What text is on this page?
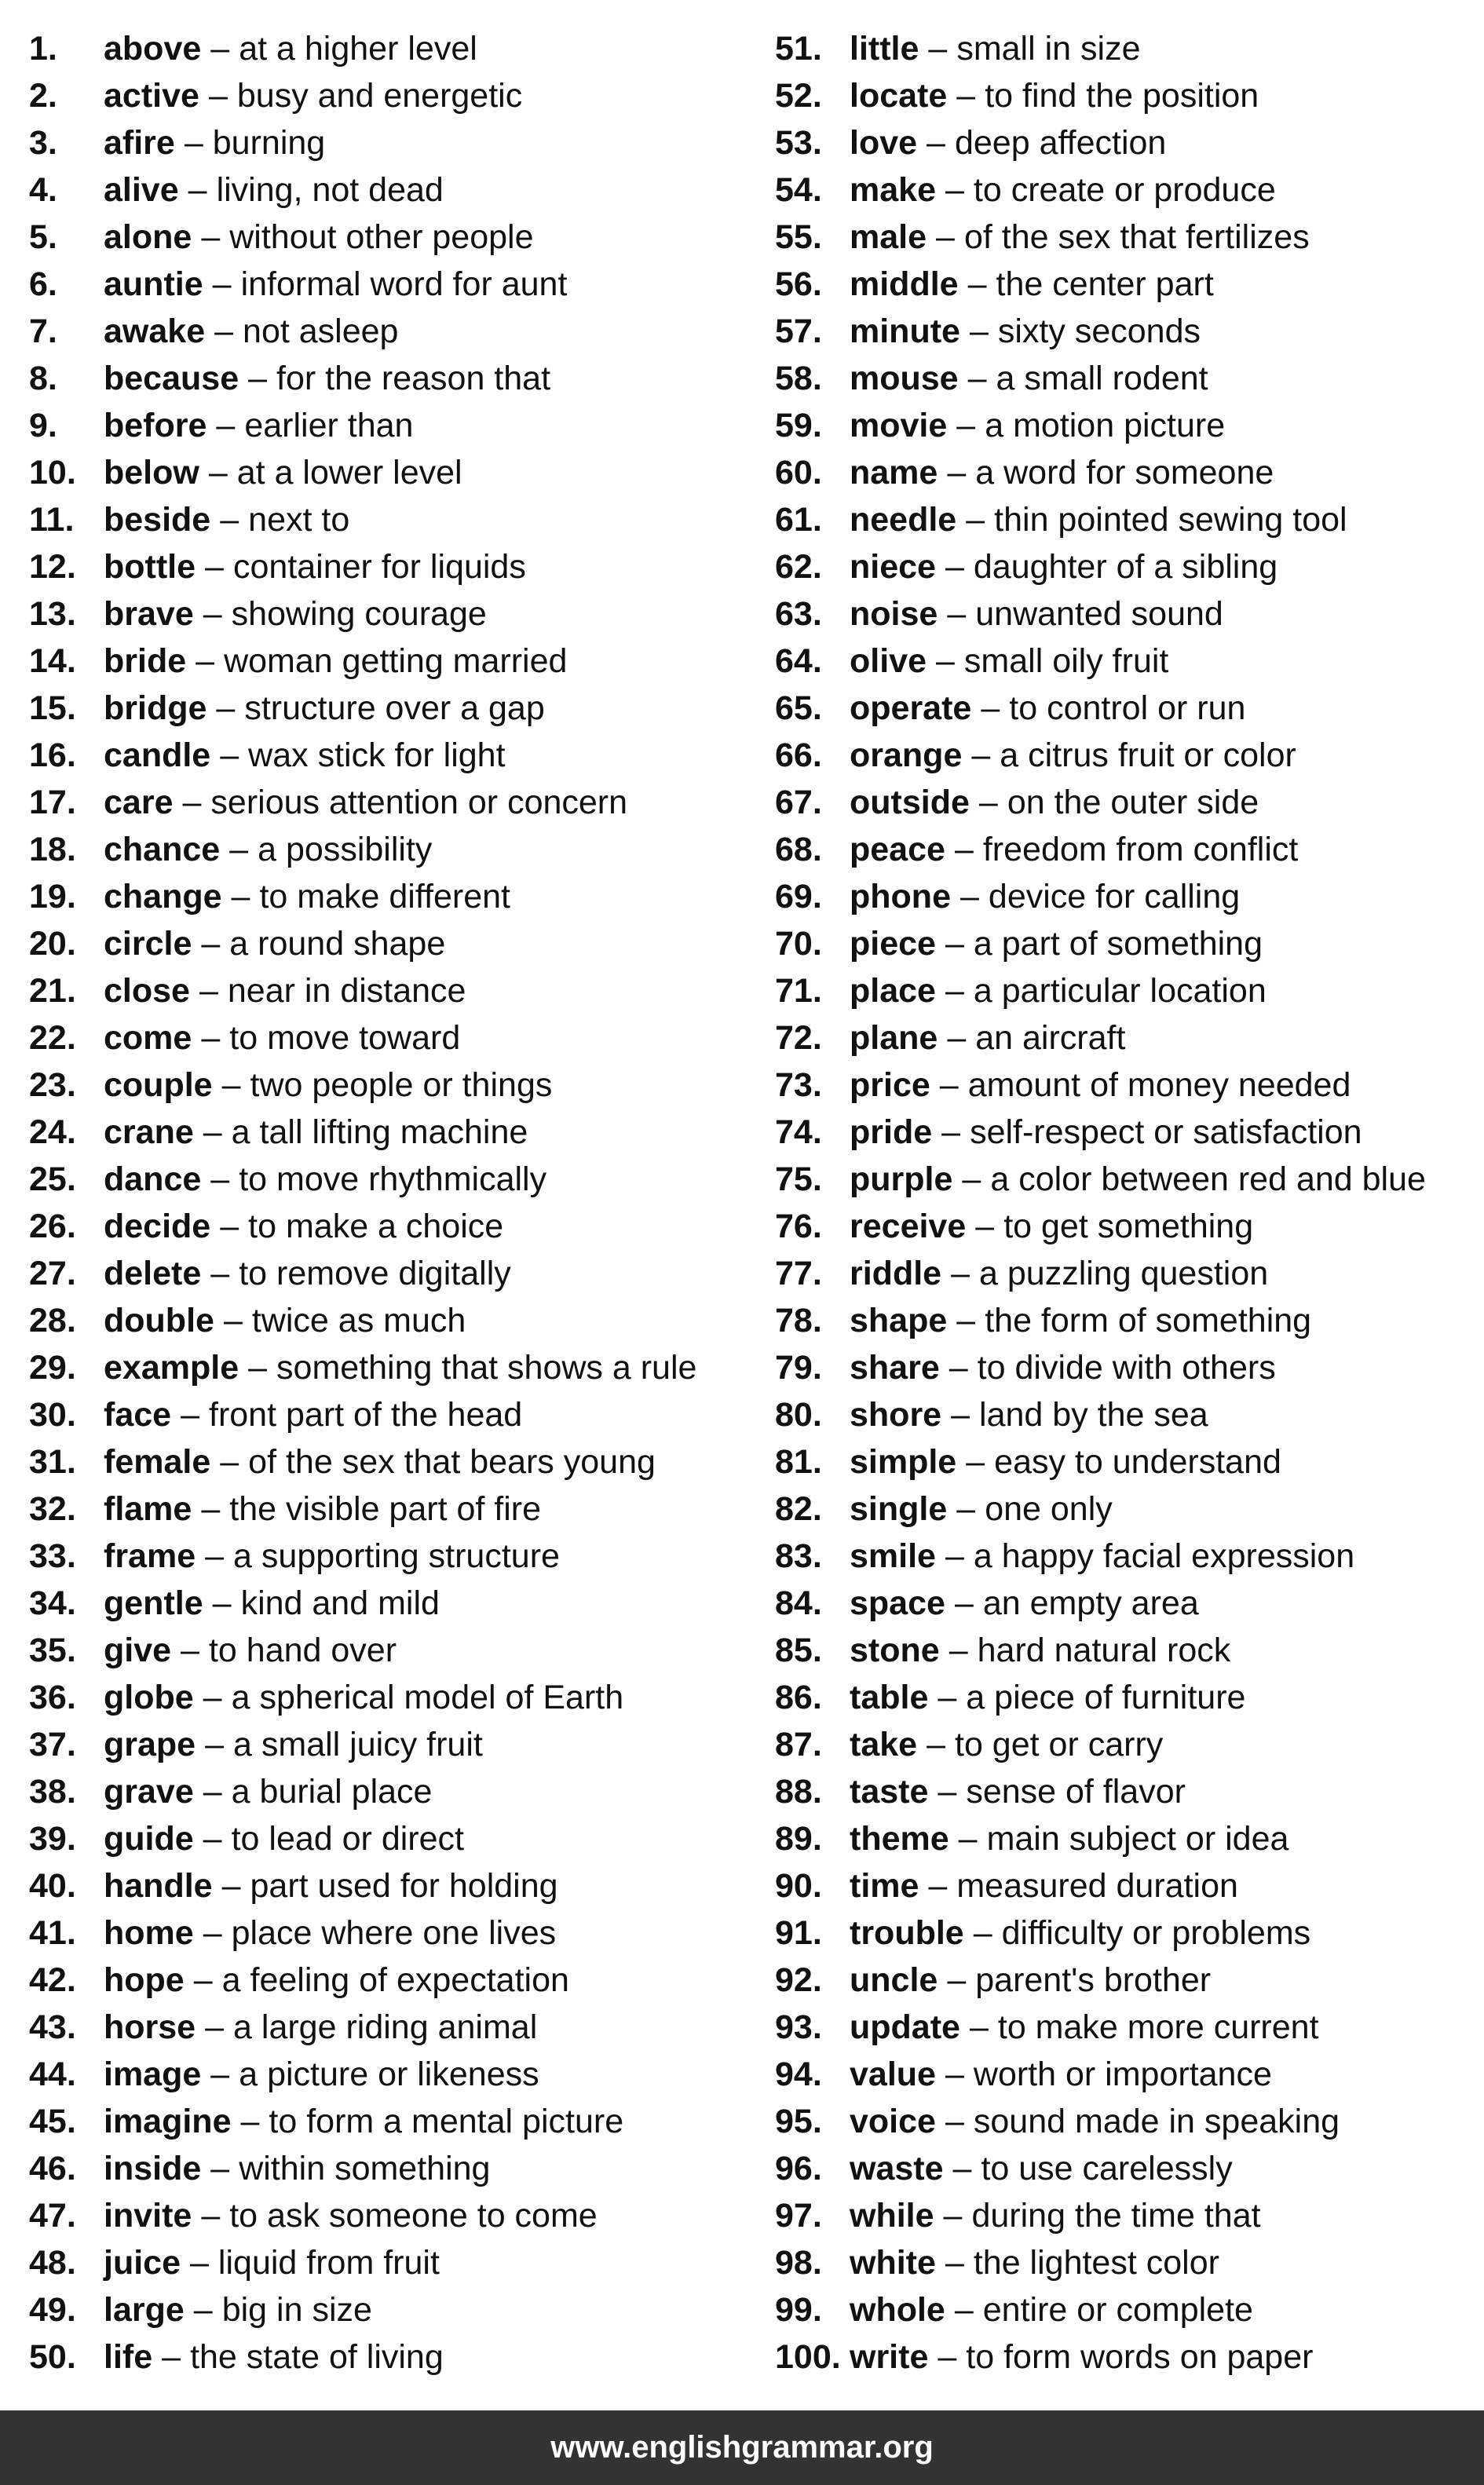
1.	above – at a higher level
2.	active – busy and energetic
3.	afire – burning
4.	alive – living, not dead
5.	alone – without other people
6.	auntie – informal word for aunt
7.	awake – not asleep
8.	because – for the reason that
9.	before – earlier than
10. below – at a lower level
11. beside – next to
12. bottle – container for liquids
13. brave – showing courage
14. bride – woman getting married
15. bridge – structure over a gap
16. candle – wax stick for light
17. care – serious attention or concern
18. chance – a possibility
19. change – to make different
20. circle – a round shape
21. close – near in distance
22. come – to move toward
23. couple – two people or things
24. crane – a tall lifting machine
25. dance – to move rhythmically
26. decide – to make a choice
27. delete – to remove digitally
28. double – twice as much
29. example – something that shows a rule
30. face – front part of the head
31. female – of the sex that bears young
32. flame – the visible part of fire
33. frame – a supporting structure
34. gentle – kind and mild
35. give – to hand over
36. globe – a spherical model of Earth
37. grape – a small juicy fruit
38. grave – a burial place
39. guide – to lead or direct
40. handle – part used for holding
41. home – place where one lives
42. hope – a feeling of expectation
43. horse – a large riding animal
44. image – a picture or likeness
45. imagine – to form a mental picture
46. inside – within something
47. invite – to ask someone to come
48. juice – liquid from fruit
49. large – big in size
50. life – the state of living
51. little – small in size
52. locate – to find the position
53. love – deep affection
54. make – to create or produce
55. male – of the sex that fertilizes
56. middle – the center part
57. minute – sixty seconds
58. mouse – a small rodent
59. movie – a motion picture
60. name – a word for someone
61. needle – thin pointed sewing tool
62. niece – daughter of a sibling
63. noise – unwanted sound
64. olive – small oily fruit
65. operate – to control or run
66. orange – a citrus fruit or color
67. outside – on the outer side
68. peace – freedom from conflict
69. phone – device for calling
70. piece – a part of something
71. place – a particular location
72. plane – an aircraft
73. price – amount of money needed
74. pride – self-respect or satisfaction
75. purple – a color between red and blue
76. receive – to get something
77. riddle – a puzzling question
78. shape – the form of something
79. share – to divide with others
80. shore – land by the sea
81. simple – easy to understand
82. single – one only
83. smile – a happy facial expression
84. space – an empty area
85. stone – hard natural rock
86. table – a piece of furniture
87. take – to get or carry
88. taste – sense of flavor
89. theme – main subject or idea
90. time – measured duration
91. trouble – difficulty or problems
92. uncle – parent's brother
93. update – to make more current
94. value – worth or importance
95. voice – sound made in speaking
96. waste – to use carelessly
97. while – during the time that
98. white – the lightest color
99. whole – entire or complete
100. write – to form words on paper
www.englishgrammar.org
